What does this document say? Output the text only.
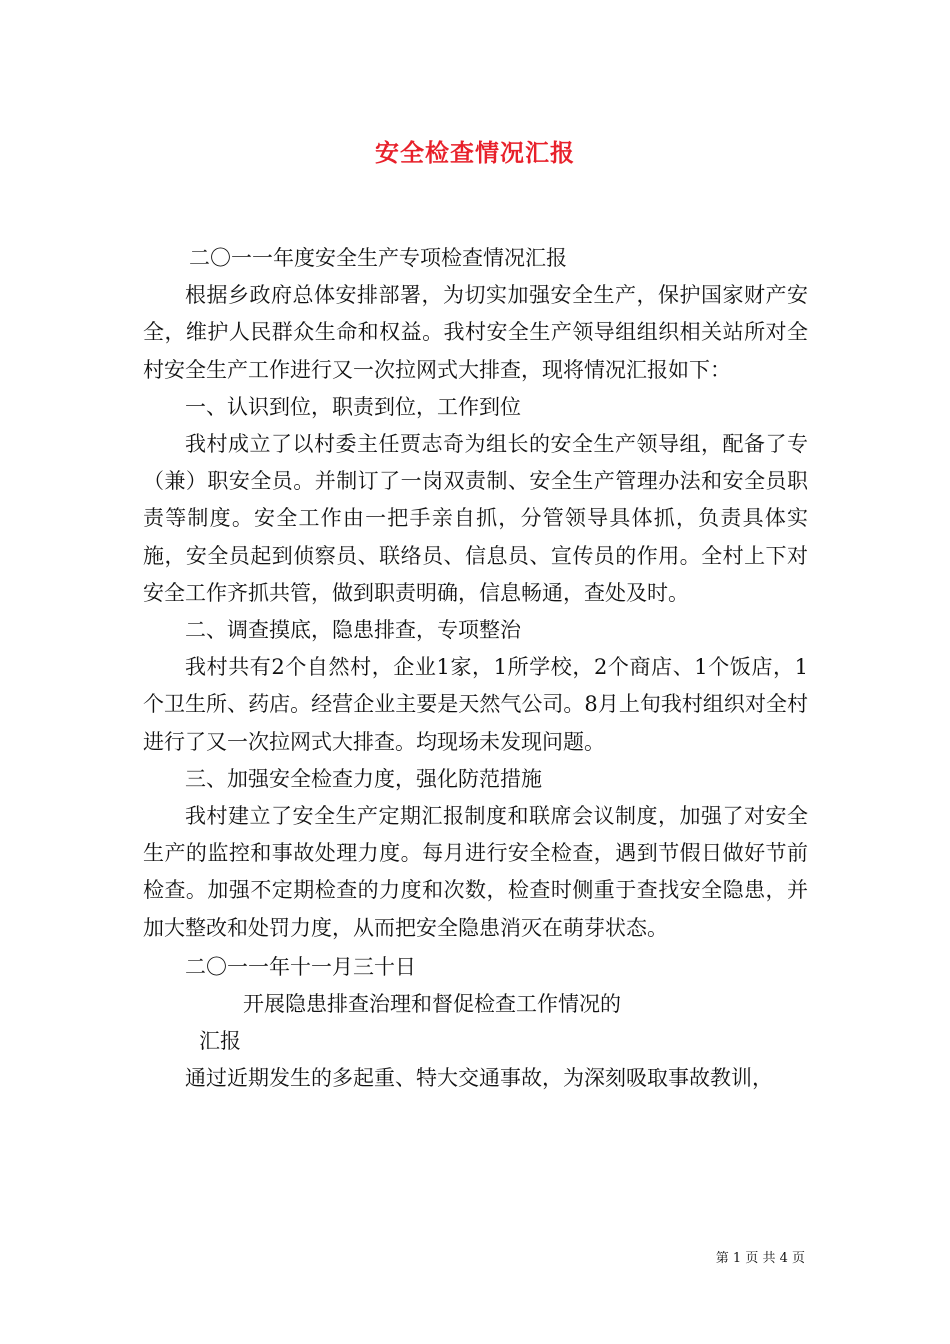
安全检查情况汇报

二〇一一年度安全生产专项检查情况汇报

根据乡政府总体安排部署，为切实加强安全生产，保护国家财产安全，维护人民群众生命和权益。我村安全生产领导组组织相关站所对全村安全生产工作进行又一次拉网式大排查，现将情况汇报如下：

一、认识到位，职责到位，工作到位

我村成立了以村委主任贾志奇为组长的安全生产领导组，配备了专（兼）职安全员。并制订了一岗双责制、安全生产管理办法和安全员职责等制度。安全工作由一把手亲自抓，分管领导具体抓，负责具体实施，安全员起到侦察员、联络员、信息员、宣传员的作用。全村上下对安全工作齐抓共管，做到职责明确，信息畅通，查处及时。

二、调查摸底，隐患排查，专项整治

我村共有2个自然村，企业1家，1所学校，2个商店、1个饭店，1个卫生所、药店。经营企业主要是天然气公司。8月上旬我村组织对全村进行了又一次拉网式大排查。均现场未发现问题。

三、加强安全检查力度，强化防范措施

我村建立了安全生产定期汇报制度和联席会议制度，加强了对安全生产的监控和事故处理力度。每月进行安全检查，遇到节假日做好节前检查。加强不定期检查的力度和次数，检查时侧重于查找安全隐患，并加大整改和处罚力度，从而把安全隐患消灭在萌芽状态。

二〇一一年十一月三十日

开展隐患排查治理和督促检查工作情况的

汇报

通过近期发生的多起重、特大交通事故，为深刻吸取事故教训，

第 1 页 共 4 页
